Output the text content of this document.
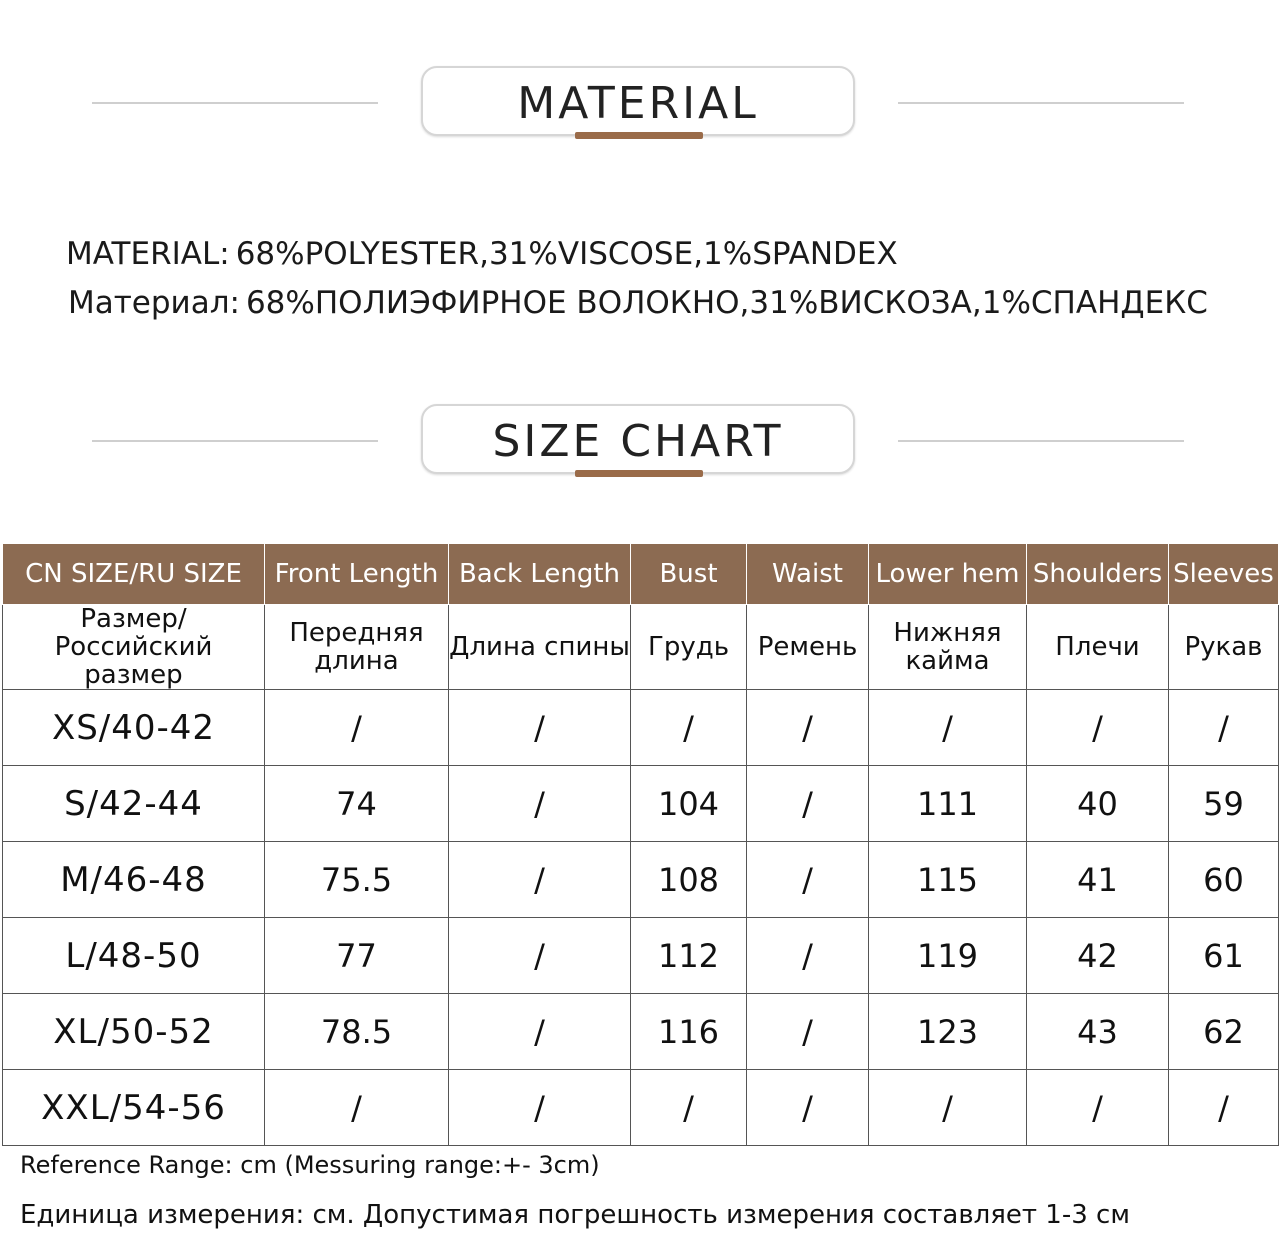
MATERIAL
MATERIAL: 68%POLYESTER,31%VISCOSE,1%SPANDEX
Материал: 68%ПОЛИЭФИРНОЕ ВОЛОКНО,31%ВИСКОЗА,1%СПАНДЕКС
SIZE CHART
CN SIZE/RU SIZE	Front Length	Back Length	Bust	Waist	Lower hem	Shoulders	Sleeves
Размер/Российский размер	Передняя длина	Длина спины	Грудь	Ремень	Нижняя кайма	Плечи	Рукав
XS/40-42	/	/	/	/	/	/	/
S/42-44	74	/	104	/	111	40	59
M/46-48	75.5	/	108	/	115	41	60
L/48-50	77	/	112	/	119	42	61
XL/50-52	78.5	/	116	/	123	43	62
XXL/54-56	/	/	/	/	/	/	/
Reference Range: cm (Messuring range:+- 3cm)
Единица измерения: см. Допустимая погрешность измерения составляет 1-3 см
